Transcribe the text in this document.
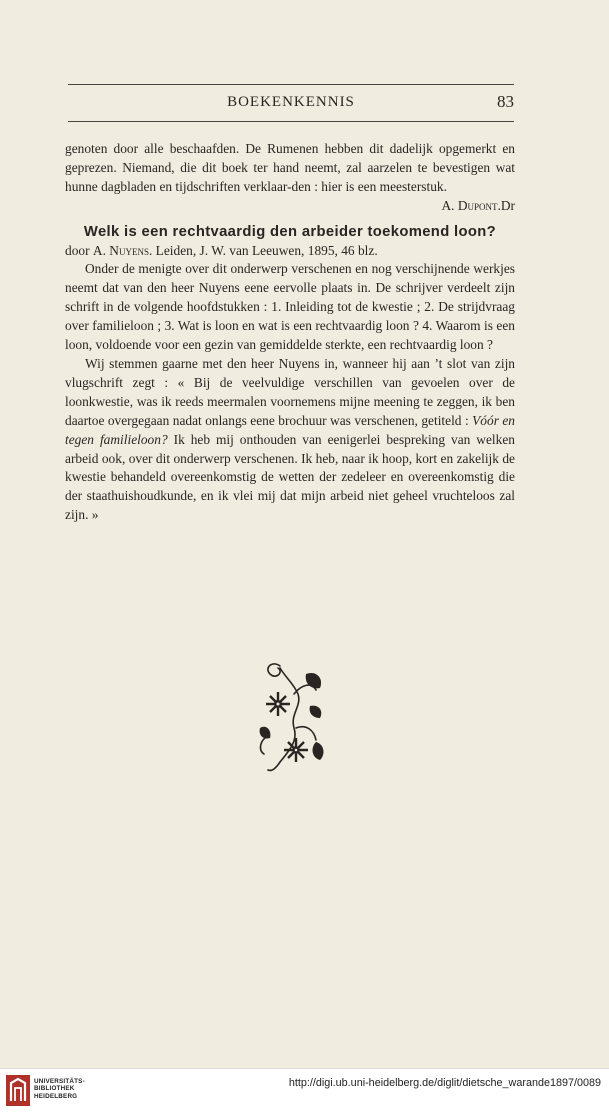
BOEKENKENNIS	83

genoten door alle beschaafden. De Rumenen hebben dit dadelijk opgemerkt en geprezen. Niemand, die dit boek ter hand neemt, zal aarzelen te bevestigen wat hunne dagbladen en tijdschriften verklaar-den : hier is een meesterstuk.

Dr
A. Dupont.

Welk is een rechtvaardig den arbeider toekomend loon?

door A. Nuyens. Leiden, J. W. van Leeuwen, 1895, 46 blz.

Onder de menigte over dit onderwerp verschenen en nog verschijnende werkjes neemt dat van den heer Nuyens eene eervolle plaats in. De schrijver verdeelt zijn schrift in de volgende hoofdstukken : 1. Inleiding tot de kwestie ; 2. De strijdvraag over familieloon ; 3. Wat is loon en wat is een rechtvaardig loon ? 4. Waarom is een loon, voldoende voor een gezin van gemiddelde sterkte, een rechtvaardig loon ?

Wij stemmen gaarne met den heer Nuyens in, wanneer hij aan ’t slot van zijn vlugschrift zegt : « Bij de veelvuldige verschillen van gevoelen over de loonkwestie, was ik reeds meermalen voornemens mijne meening te zeggen, ik ben daartoe overgegaan nadat onlangs eene brochuur was verschenen, getiteld : Vóór en tegen familieloon? Ik heb mij onthouden van eenigerlei bespreking van welken arbeid ook, over dit onderwerp verschenen. Ik heb, naar ik hoop, kort en zakelijk de kwestie behandeld overeenkomstig de wetten der zedeleer en overeenkomstig die der staathuishoudkunde, en ik vlei mij dat mijn arbeid niet geheel vruchteloos zal zijn. »

UNIVERSITÄTS-
BIBLIOTHEK
HEIDELBERG
http://digi.ub.uni-heidelberg.de/diglit/dietsche_warande1897/0089
